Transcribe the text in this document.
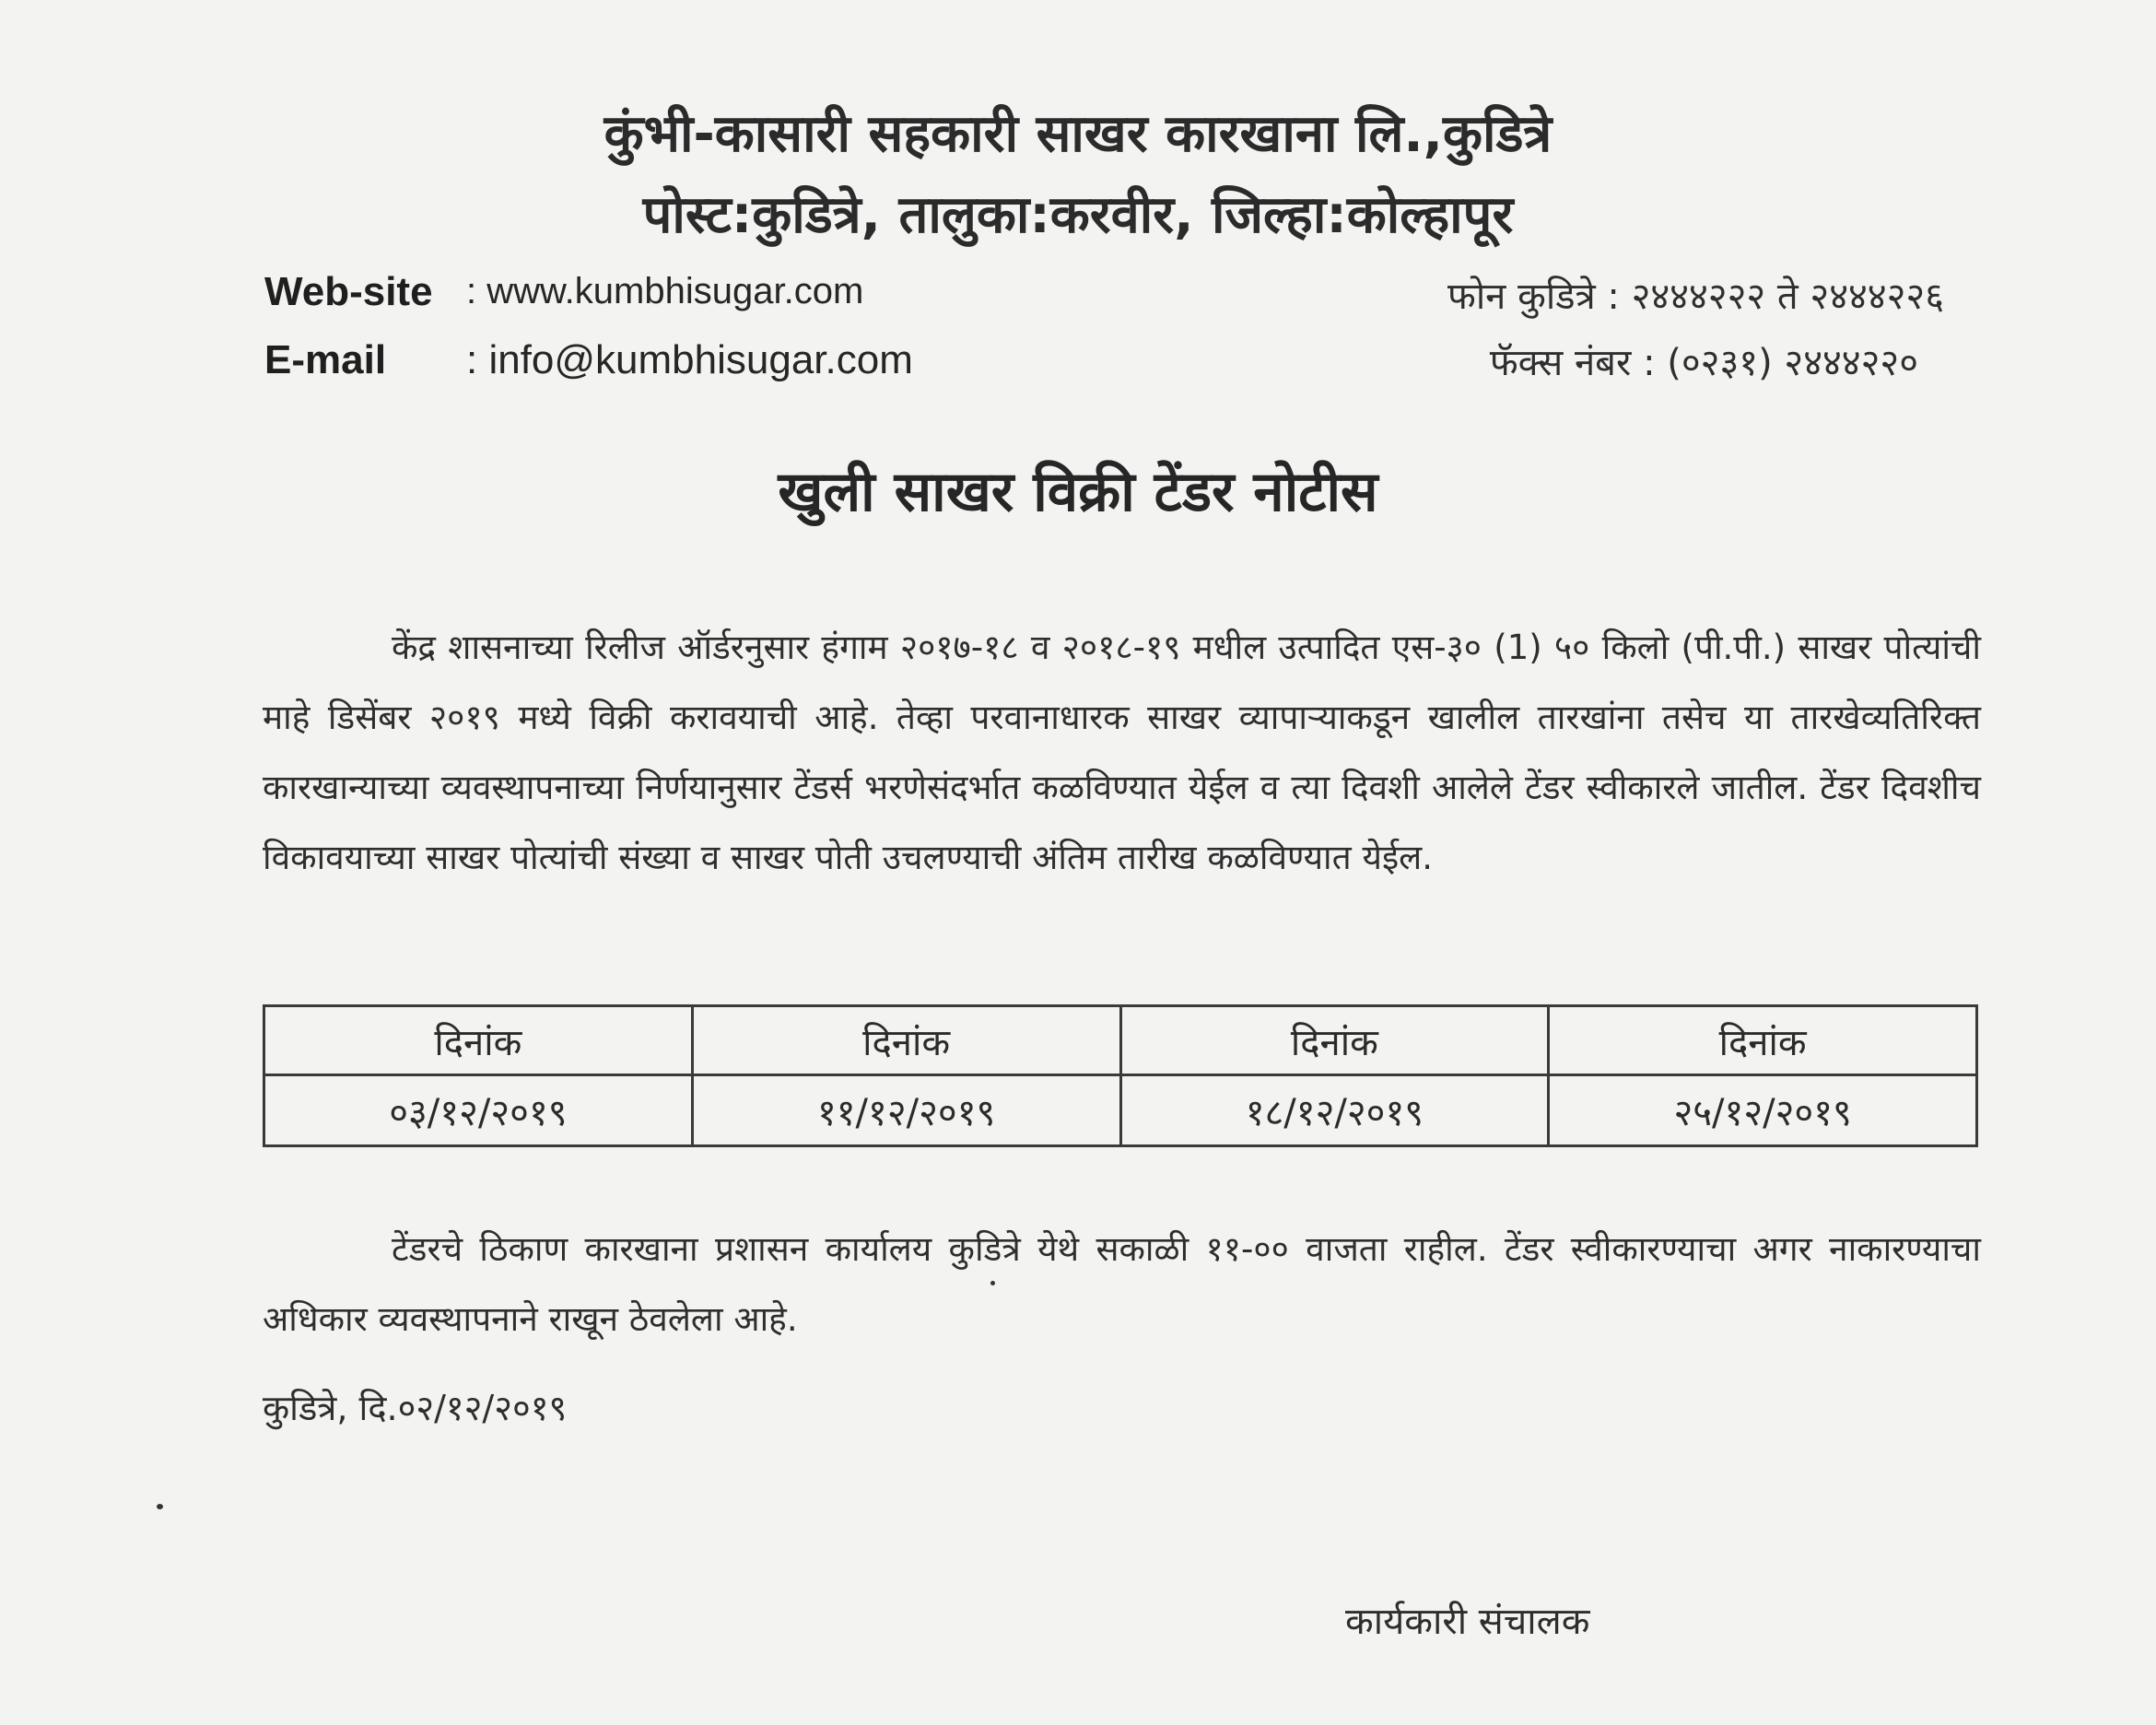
कुंभी-कासारी सहकारी साखर कारखाना लि.,कुडित्रे
पोस्ट:कुडित्रे, तालुका:करवीर, जिल्हा:कोल्हापूर
Web-site : www.kumbhisugar.com
E-mail : info@kumbhisugar.com
फोन कुडित्रे : २४४४२२२ ते २४४४२२६
फॅक्स नंबर : (०२३१) २४४४२२०
खुली साखर विक्री टेंडर नोटीस
केंद्र शासनाच्या रिलीज ऑर्डरनुसार हंगाम २०१७-१८ व २०१८-१९ मधील उत्पादित एस-३० (1) ५० किलो (पी.पी.) साखर पोत्यांची माहे डिसेंबर २०१९ मध्ये विक्री करावयाची आहे. तेव्हा परवानाधारक साखर व्यापाऱ्याकडून खालील तारखांना तसेच या तारखेव्यतिरिक्त कारखान्याच्या व्यवस्थापनाच्या निर्णयानुसार टेंडर्स भरणेसंदर्भात कळविण्यात येईल व त्या दिवशी आलेले टेंडर स्वीकारले जातील. टेंडर दिवशीच विकावयाच्या साखर पोत्यांची संख्या व साखर पोती उचलण्याची अंतिम तारीख कळविण्यात येईल.
दिनांक	दिनांक	दिनांक	दिनांक
०३/१२/२०१९	११/१२/२०१९	१८/१२/२०१९	२५/१२/२०१९
टेंडरचे ठिकाण कारखाना प्रशासन कार्यालय कुडित्रे येथे सकाळी ११-०० वाजता राहील. टेंडर स्वीकारण्याचा अगर नाकारण्याचा अधिकार व्यवस्थापनाने राखून ठेवलेला आहे.
कुडित्रे, दि.०२/१२/२०१९
कार्यकारी संचालक
